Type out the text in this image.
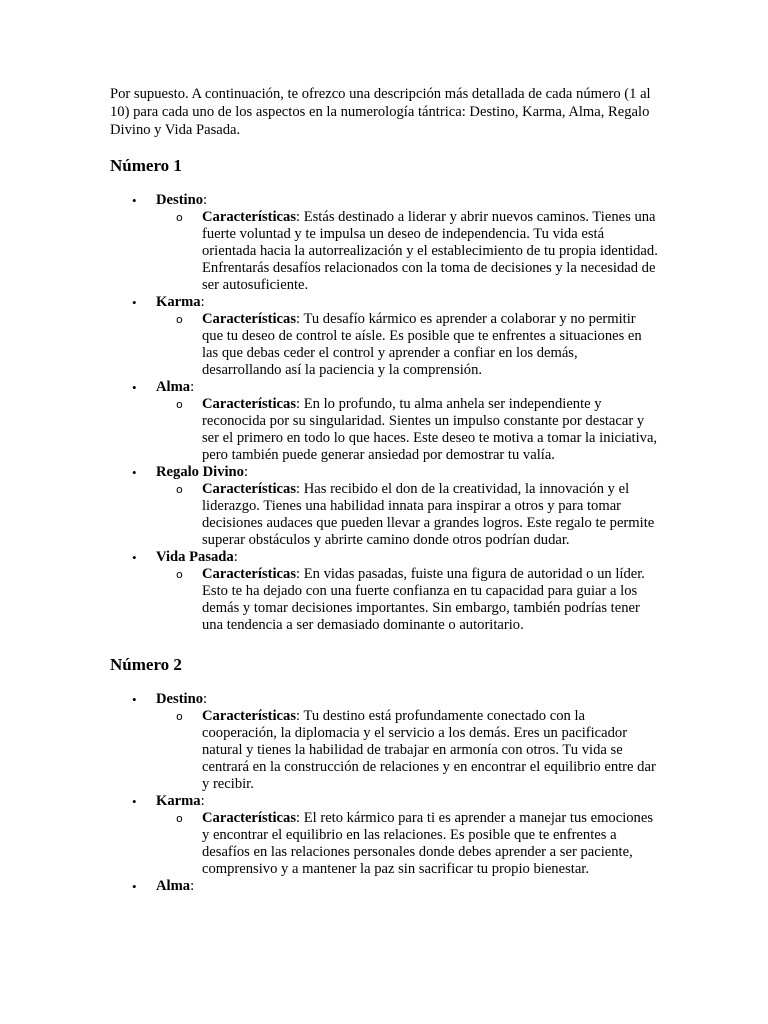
Por supuesto. A continuación, te ofrezco una descripción más detallada de cada número (1 al 10) para cada uno de los aspectos en la numerología tántrica: Destino, Karma, Alma, Regalo Divino y Vida Pasada.

Número 1
• Destino:
o Características: Estás destinado a liderar y abrir nuevos caminos. Tienes una fuerte voluntad y te impulsa un deseo de independencia. Tu vida está orientada hacia la autorrealización y el establecimiento de tu propia identidad. Enfrentarás desafíos relacionados con la toma de decisiones y la necesidad de ser autosuficiente.
• Karma:
o Características: Tu desafío kármico es aprender a colaborar y no permitir que tu deseo de control te aísle. Es posible que te enfrentes a situaciones en las que debas ceder el control y aprender a confiar en los demás, desarrollando así la paciencia y la comprensión.
• Alma:
o Características: En lo profundo, tu alma anhela ser independiente y reconocida por su singularidad. Sientes un impulso constante por destacar y ser el primero en todo lo que haces. Este deseo te motiva a tomar la iniciativa, pero también puede generar ansiedad por demostrar tu valía.
• Regalo Divino:
o Características: Has recibido el don de la creatividad, la innovación y el liderazgo. Tienes una habilidad innata para inspirar a otros y para tomar decisiones audaces que pueden llevar a grandes logros. Este regalo te permite superar obstáculos y abrirte camino donde otros podrían dudar.
• Vida Pasada:
o Características: En vidas pasadas, fuiste una figura de autoridad o un líder. Esto te ha dejado con una fuerte confianza en tu capacidad para guiar a los demás y tomar decisiones importantes. Sin embargo, también podrías tener una tendencia a ser demasiado dominante o autoritario.
Número 2
• Destino:
o Características: Tu destino está profundamente conectado con la cooperación, la diplomacia y el servicio a los demás. Eres un pacificador natural y tienes la habilidad de trabajar en armonía con otros. Tu vida se centrará en la construcción de relaciones y en encontrar el equilibrio entre dar y recibir.
• Karma:
o Características: El reto kármico para ti es aprender a manejar tus emociones y encontrar el equilibrio en las relaciones. Es posible que te enfrentes a desafíos en las relaciones personales donde debes aprender a ser paciente, comprensivo y a mantener la paz sin sacrificar tu propio bienestar.
• Alma:
